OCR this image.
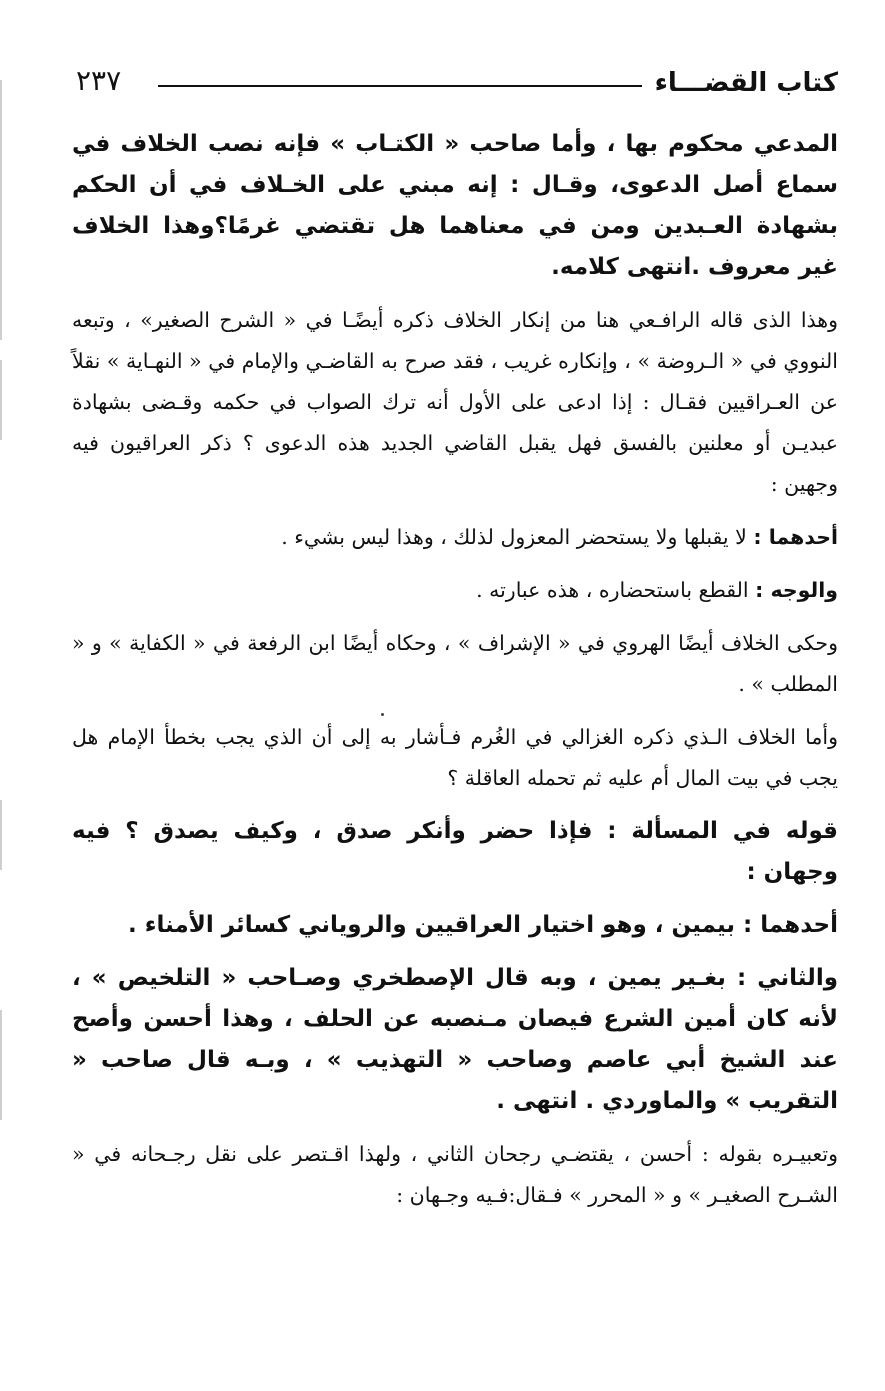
كتاب القضـــاء
٢٣٧

المدعي محكوم بها ، وأما صاحب « الكتـاب » فإنه نصب الخلاف في سماع أصل الدعوى، وقـال : إنه مبني على الخـلاف في أن الحكم بشهادة العـبدين ومن في معناهما هل تقتضي غرمًا؟وهذا الخلاف غير معروف .انتهى كلامه.

وهذا الذى قاله الرافـعي هنا من إنكار الخلاف ذكره أيضًـا في « الشرح الصغير» ، وتبعه النووي في « الـروضة » ، وإنكاره غريب ، فقد صرح به القاضـي والإمام في « النهـاية » نقلاً عن العـراقيين فقـال : إذا ادعى على الأول أنه ترك الصواب في حكمه وقـضى بشهادة عبديـن أو معلنين بالفسق فهل يقبل القاضي الجديد هذه الدعوى ؟ ذكر العراقيون فيه وجهين :

أحدهما : لا يقبلها ولا يستحضر المعزول لذلك ، وهذا ليس بشيء .

والوجه : القطع باستحضاره ، هذه عبارته .

وحكى الخلاف أيضًا الهروي في « الإشراف » ، وحكاه أيضًا ابن الرفعة في « الكفاية » و « المطلب » .

وأما الخلاف الـذي ذكره الغزالي في الغُرم فـأشار به إلى أن الذي يجب بخطأ الإمام هل يجب في بيت المال أم عليه ثم تحمله العاقلة ؟

قوله في المسألة : فإذا حضر وأنكر صدق ، وكيف يصدق ؟ فيه وجهان :

أحدهما : بيمين ، وهو اختيار العراقيين والروياني كسائر الأمناء .

والثاني : بغـير يمين ، وبه قال الإصطخري وصـاحب « التلخيص » ، لأنه كان أمين الشرع فيصان مـنصبه عن الحلف ، وهذا أحسن وأصح عند الشيخ أبي عاصم وصاحب « التهذيب » ، وبـه قال صاحب « التقريب » والماوردي . انتهى .

وتعبيـره بقوله : أحسن ، يقتضـي رجحان الثاني ، ولهذا اقـتصر على نقل رجـحانه في « الشـرح الصغيـر » و « المحرر » فـقال:فـيه وجـهان :
